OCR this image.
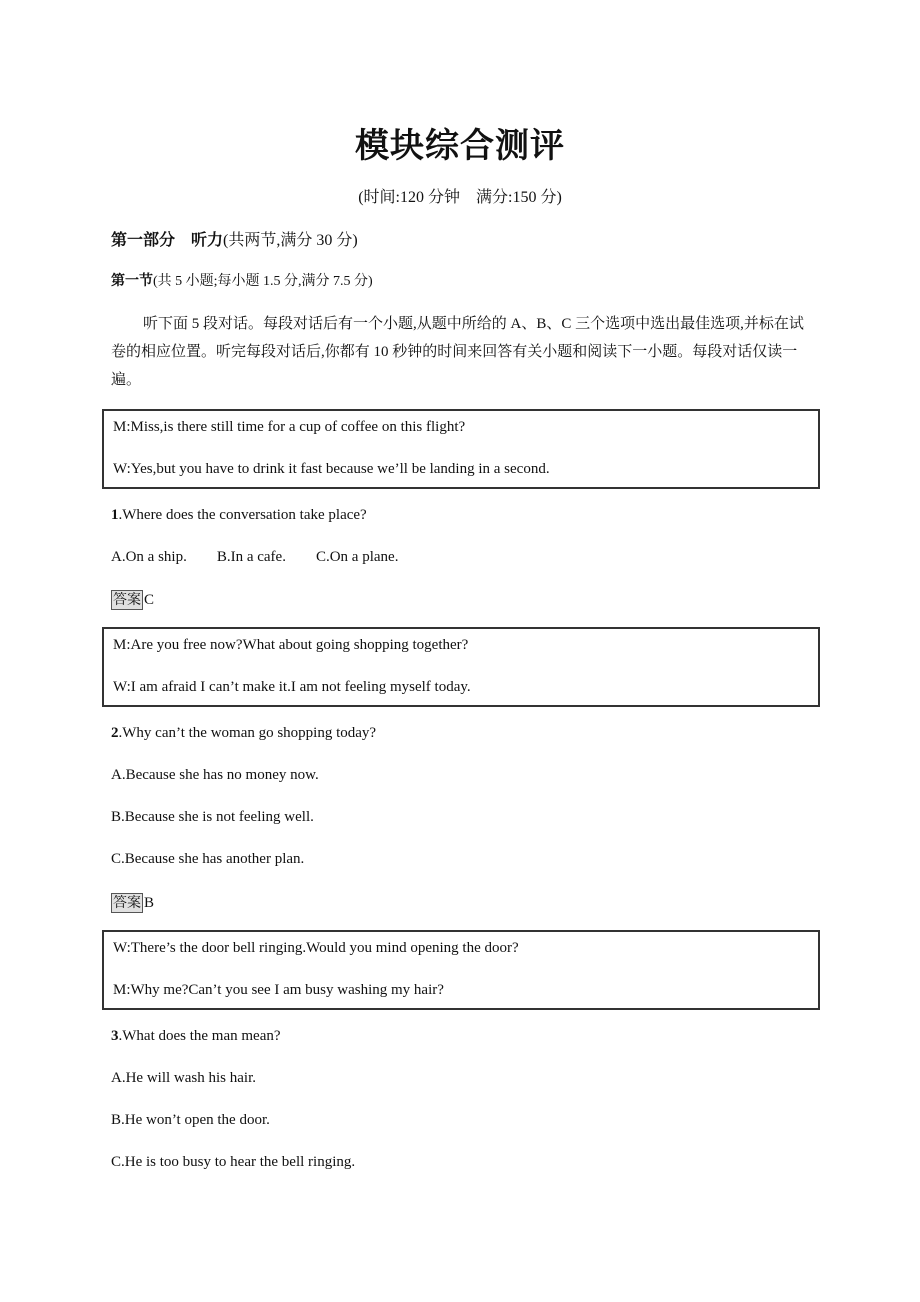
模块综合测评
(时间:120 分钟　满分:150 分)
第一部分　听力(共两节,满分 30 分)
第一节(共 5 小题;每小题 1.5 分,满分 7.5 分)
听下面 5 段对话。每段对话后有一个小题,从题中所给的 A、B、C 三个选项中选出最佳选项,并标在试卷的相应位置。听完每段对话后,你都有 10 秒钟的时间来回答有关小题和阅读下一小题。每段对话仅读一遍。
M:Miss,is there still time for a cup of coffee on this flight?
W:Yes,but you have to drink it fast because we’ll be landing in a second.
1.Where does the conversation take place?
A.On a ship. B.In a cafe. C.On a plane.
答案 C
M:Are you free now?What about going shopping together?
W:I am afraid I can’t make it.I am not feeling myself today.
2.Why can’t the woman go shopping today?
A.Because she has no money now.
B.Because she is not feeling well.
C.Because she has another plan.
答案 B
W:There’s the door bell ringing.Would you mind opening the door?
M:Why me?Can’t you see I am busy washing my hair?
3.What does the man mean?
A.He will wash his hair.
B.He won’t open the door.
C.He is too busy to hear the bell ringing.
